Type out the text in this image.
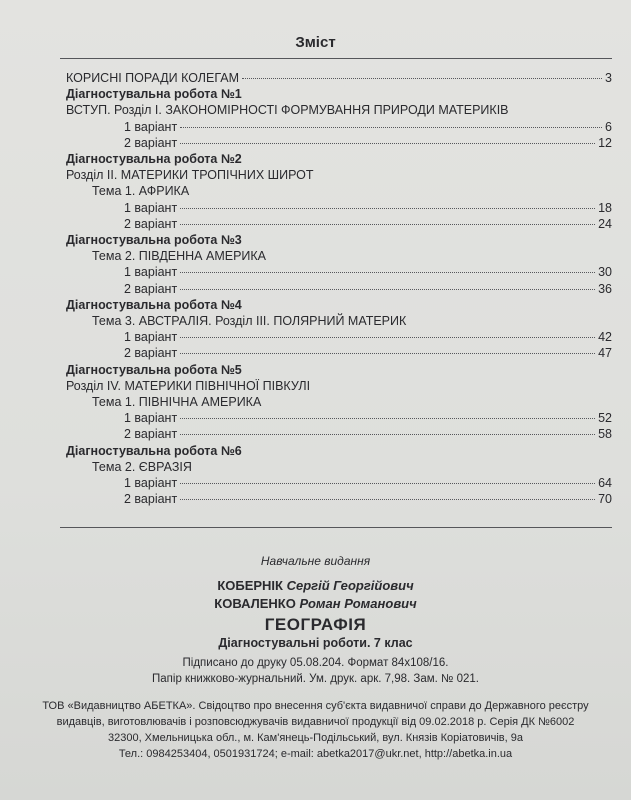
Зміст
КОРИСНІ ПОРАДИ КОЛЕГАМ	3
Діагностувальна робота №1
ВСТУП. Розділ І. ЗАКОНОМІРНОСТІ ФОРМУВАННЯ ПРИРОДИ МАТЕРИКІВ
1 варіант	6
2 варіант	12
Діагностувальна робота №2
Розділ ІІ. МАТЕРИКИ ТРОПІЧНИХ ШИРОТ
Тема 1. АФРИКА
1 варіант	18
2 варіант	24
Діагностувальна робота №3
Тема 2. ПІВДЕННА АМЕРИКА
1 варіант	30
2 варіант	36
Діагностувальна робота №4
Тема 3. АВСТРАЛІЯ. Розділ ІІІ. ПОЛЯРНИЙ МАТЕРИК
1 варіант	42
2 варіант	47
Діагностувальна робота №5
Розділ IV. МАТЕРИКИ ПІВНІЧНОЇ ПІВКУЛІ
Тема 1. ПІВНІЧНА АМЕРИКА
1 варіант	52
2 варіант	58
Діагностувальна робота №6
Тема 2. ЄВРАЗІЯ
1 варіант	64
2 варіант	70
Навчальне видання
КОБЕРНІК Сергій Георгійович
КОВАЛЕНКО Роман Романович
ГЕОГРАФІЯ
Діагностувальні роботи. 7 клас
Підписано до друку 05.08.204. Формат 84х108/16.
Папір книжково-журнальний. Ум. друк. арк. 7,98. Зам. № 021.
ТОВ «Видавництво АБЕТКА». Свідоцтво про внесення суб'єкта видавничої справи до Державного реєстру
видавців, виготовлювачів і розповсюджувачів видавничої продукції від 09.02.2018 р. Серія ДК №6002
32300, Хмельницька обл., м. Кам'янець-Подільський, вул. Князів Коріатовичів, 9а
Тел.: 0984253404, 0501931724; e-mail: abetka2017@ukr.net, http://abetka.in.ua
